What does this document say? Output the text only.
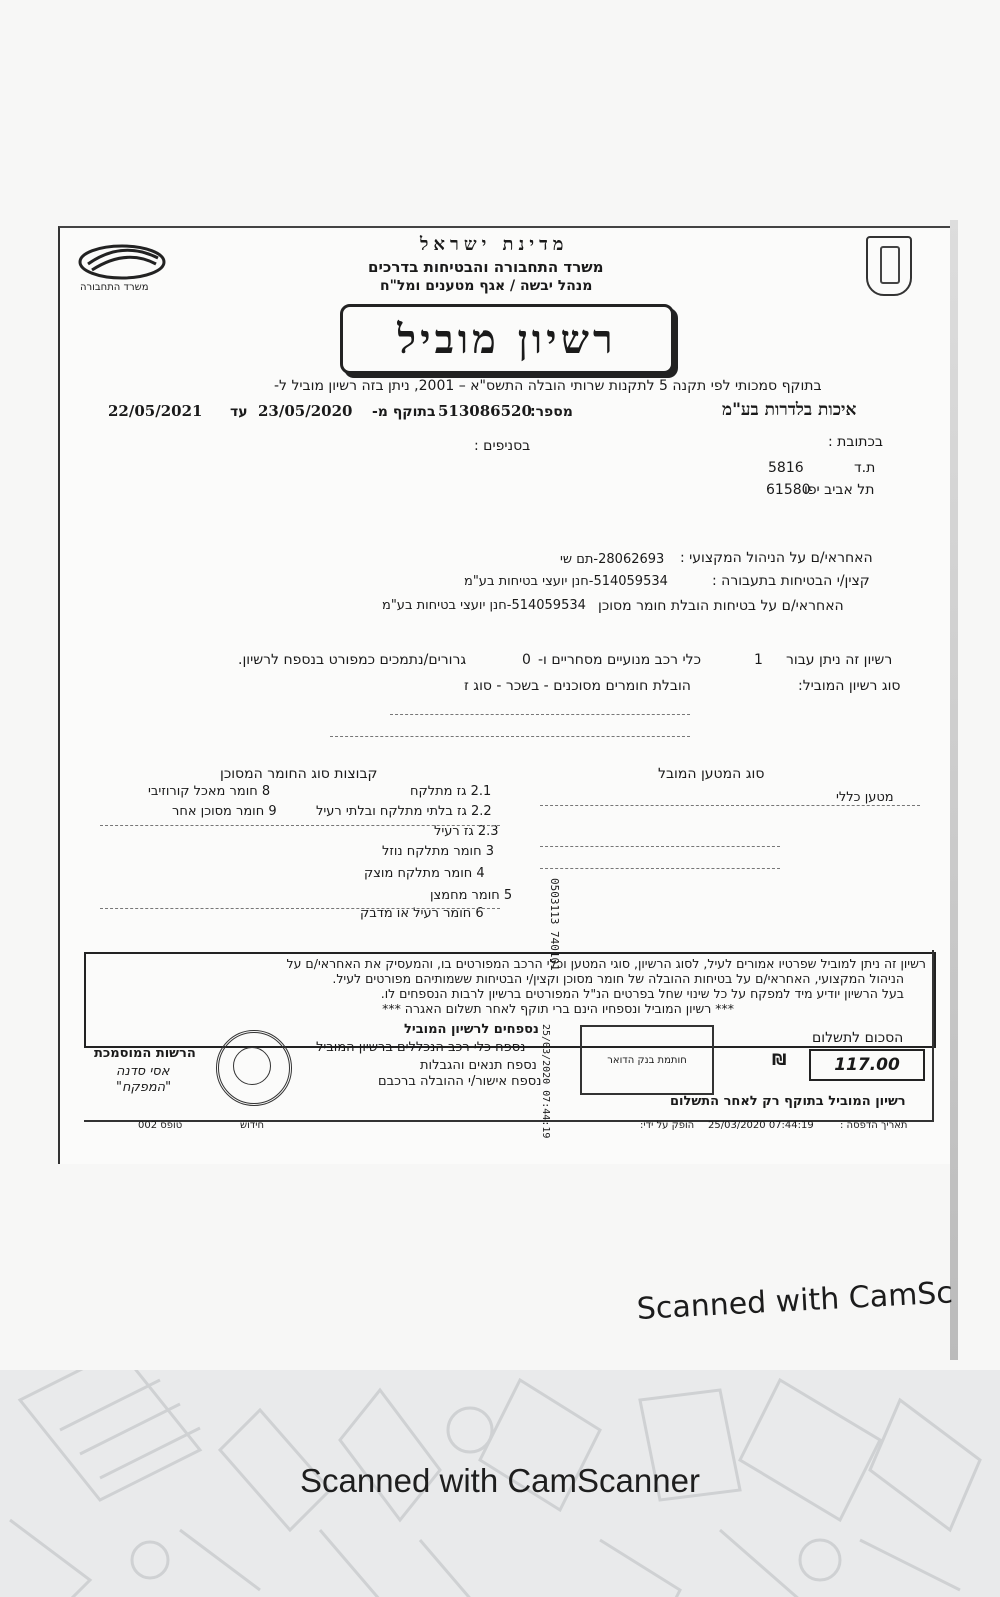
משרד התחבורה
מדינת ישראל
משרד התחבורה והבטיחות בדרכים
מנהל יבשה / אגף מטענים ומל"ח
רשיון מוביל
בתוקף סמכותי לפי תקנה 5 לתקנות שרותי הובלה התשס"א – 2001, ניתן בזה רשיון מוביל ל-
איכות בלדרות בע"מ
22/05/2021 עד 23/05/2020 בתוקף מ- 513086520
מספר:
בכתובת :
בסניפים :
ת.ד
5816
תל אביב יפו
61580
האחראי/ם על הניהול המקצועי :
28062693-תם שי
קצין/י הבטיחות בתעבורה :
514059534-חנן יועצי בטיחות בע"מ
האחראי/ם על בטיחות הובלת חומר מסוכן
514059534-חנן יועצי בטיחות בע"מ
רשיון זה ניתן עבור
1
כלי רכב מנועיים מסחריים ו-
0
גרורים/נתמכים כמפורט בנספח לרשיון.
סוג רשיון המוביל:
הובלת חומרים מסוכנים - בשכר - סוג ז
סוג המטען המובל
קבוצות סוג החומר המסוכן
מטען כללי
2.1 גז מתלקח
2.2 גז בלתי מתלקח ובלתי רעיל
2.3 גז רעיל
3 חומר מתלקח נוזל
4 חומר מתלקח מוצק
5 חומר מחמצן
6 חומר רעיל או מדבק
8 חומר מאכל קורוזיבי
9 חומר מסוכן אחר
0503113 740101

רשיון זה ניתן למוביל שפרטיו אמורים לעיל, לסוג הרשיון, סוגי המטען וכלי הרכב המפורטים בו, והמעסיק את האחראי/ם על

הניהול המקצועי, האחראי/ם על בטיחות ההובלה של חומר מסוכן וקצין/י הבטיחות ששמותיהם מפורטים לעיל.

בעל הרשיון יודיע מיד למפקח על כל שינוי שחל בפרטים הנ"ל המפורטים ברשיון לרבות הנספחים לו.

*** רשיון המוביל ונספחיו הינם ברי תוקף לאחר תשלום האגרה ***

הסכום לתשלום
₪	117.00
רשיון המוביל בתוקף רק לאחר התשלום
חותמת בנק הדואר
25/03/2020 07:44:19
נספחים לרשיון המוביל
נספח כלי רכב הנכללים ברשיון המוביל
נספח תנאים והגבלות
נספח אישור/י ההובלה ברכבם
הרשות המוסמכת
אסי סדנה
"המפקח"
טופס 002	חידוש	הופק על ידי: 25/03/2020 07:44:19	תאריך הדפסה :
Scanned with CamSc
Scanned with CamScanner
